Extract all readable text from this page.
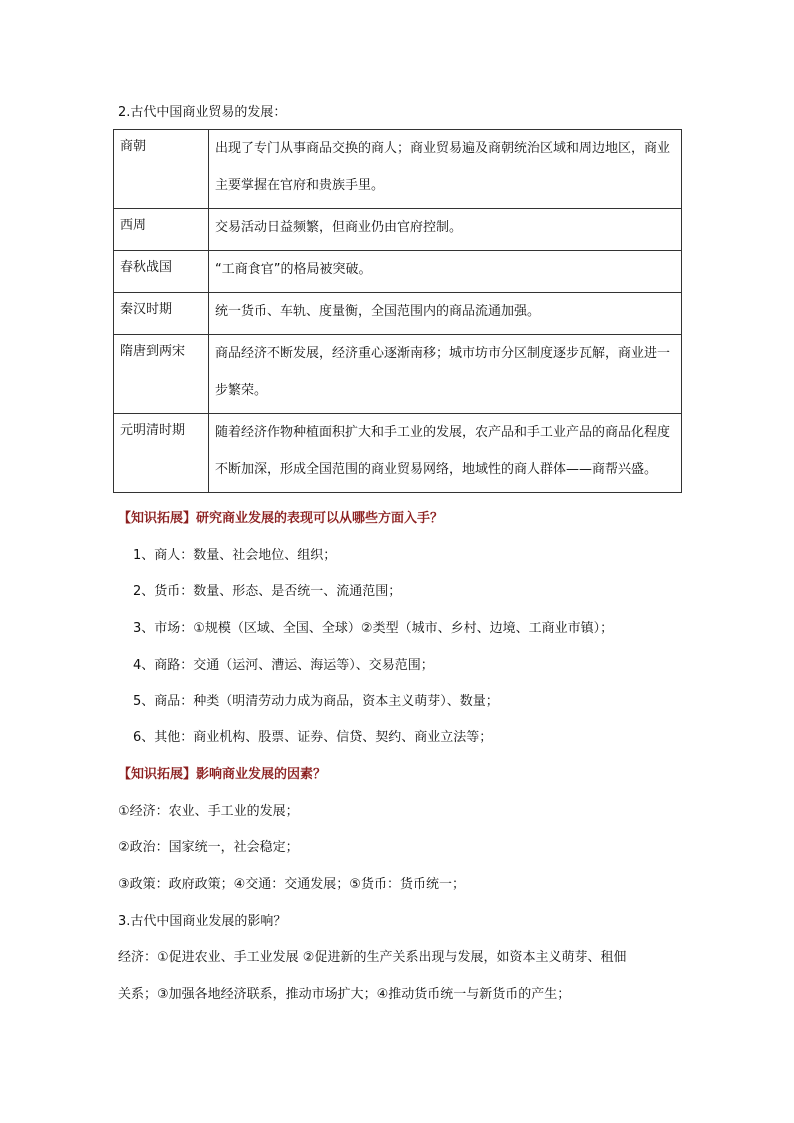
2.古代中国商业贸易的发展：
商朝	出现了专门从事商品交换的商人；商业贸易遍及商朝统治区域和周边地区，商业主要掌握在官府和贵族手里。
西周	交易活动日益频繁，但商业仍由官府控制。
春秋战国	“工商食官”的格局被突破。
秦汉时期	统一货币、车轨、度量衡，全国范围内的商品流通加强。
隋唐到两宋	商品经济不断发展，经济重心逐渐南移；城市坊市分区制度逐步瓦解，商业进一步繁荣。
元明清时期	随着经济作物种植面积扩大和手工业的发展，农产品和手工业产品的商品化程度不断加深，形成全国范围的商业贸易网络，地域性的商人群体——商帮兴盛。
【知识拓展】研究商业发展的表现可以从哪些方面入手？
1、商人：数量、社会地位、组织；
2、货币：数量、形态、是否统一、流通范围；
3、市场：①规模（区域、全国、全球）②类型（城市、乡村、边境、工商业市镇）；
4、商路：交通（运河、漕运、海运等）、交易范围；
5、商品：种类（明清劳动力成为商品，资本主义萌芽）、数量；
6、其他：商业机构、股票、证券、信贷、契约、商业立法等；
【知识拓展】影响商业发展的因素？
①经济：农业、手工业的发展；
②政治：国家统一，社会稳定；
③政策：政府政策；④交通：交通发展；⑤货币：货币统一；
3.古代中国商业发展的影响？
经济：①促进农业、手工业发展 ②促进新的生产关系出现与发展，如资本主义萌芽、租佃
关系；③加强各地经济联系，推动市场扩大；④推动货币统一与新货币的产生；
